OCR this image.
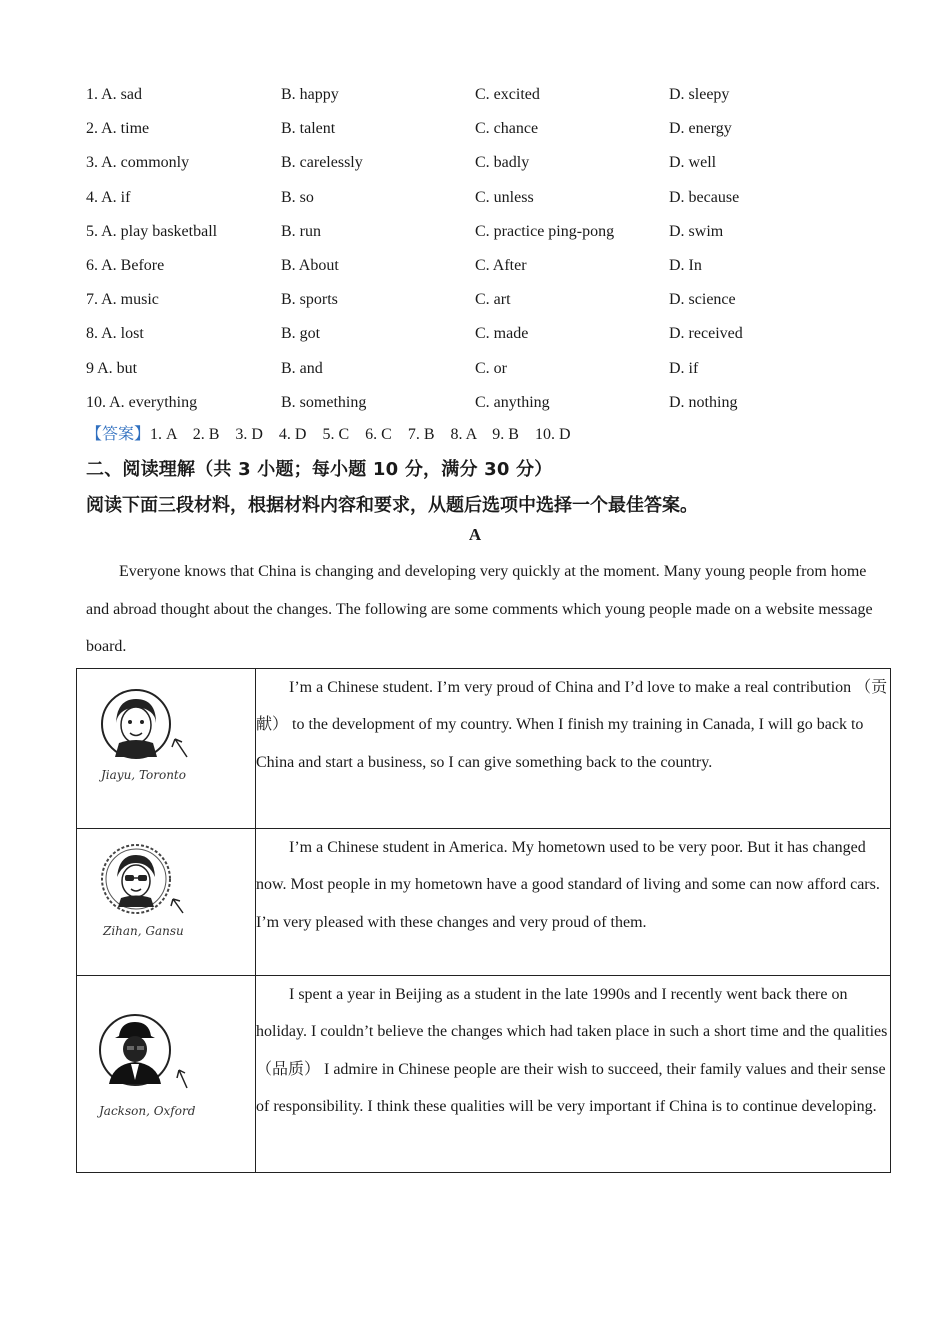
1. A. sad	B. happy	C. excited	D. sleepy
2. A. time	B. talent	C. chance	D. energy
3. A. commonly	B. carelessly	C. badly	D. well
4. A. if	B. so	C. unless	D. because
5. A. play basketball	B. run	C. practice ping-pong	D. swim
6. A. Before	B. About	C. After	D. In
7. A. music	B. sports	C. art	D. science
8. A. lost	B. got	C. made	D. received
9 A. but	B. and	C. or	D. if
10. A. everything	B. something	C. anything	D. nothing
【答案】1. A    2. B    3. D    4. D    5. C    6. C    7. B    8. A    9. B    10. D
二、阅读理解（共 3 小题；每小题 10 分，满分 30 分）
阅读下面三段材料，根据材料内容和要求，从题后选项中选择一个最佳答案。
A

Everyone knows that China is changing and developing very quickly at the moment. Many young people from home and abroad thought about the changes. The following are some comments which young people made on a website message board.

Jiayu, Toronto	I’m a Chinese student. I’m very proud of China and I’d love to make a real contribution （贡献） to the development of my country. When I finish my training in Canada, I will go back to China and start a business, so I can give something back to the country.

Zihan, Gansu	I’m a Chinese student in America. My hometown used to be very poor. But it has changed now. Most people in my hometown have a good standard of living and some can now afford cars. I’m very pleased with these changes and very proud of them.

Jackson, Oxford	I spent a year in Beijing as a student in the late 1990s and I recently went back there on holiday. I couldn’t believe the changes which had taken place in such a short time and the qualities （品质） I admire in Chinese people are their wish to succeed, their family values and their sense of responsibility. I think these qualities will be very important if China is to continue developing.
